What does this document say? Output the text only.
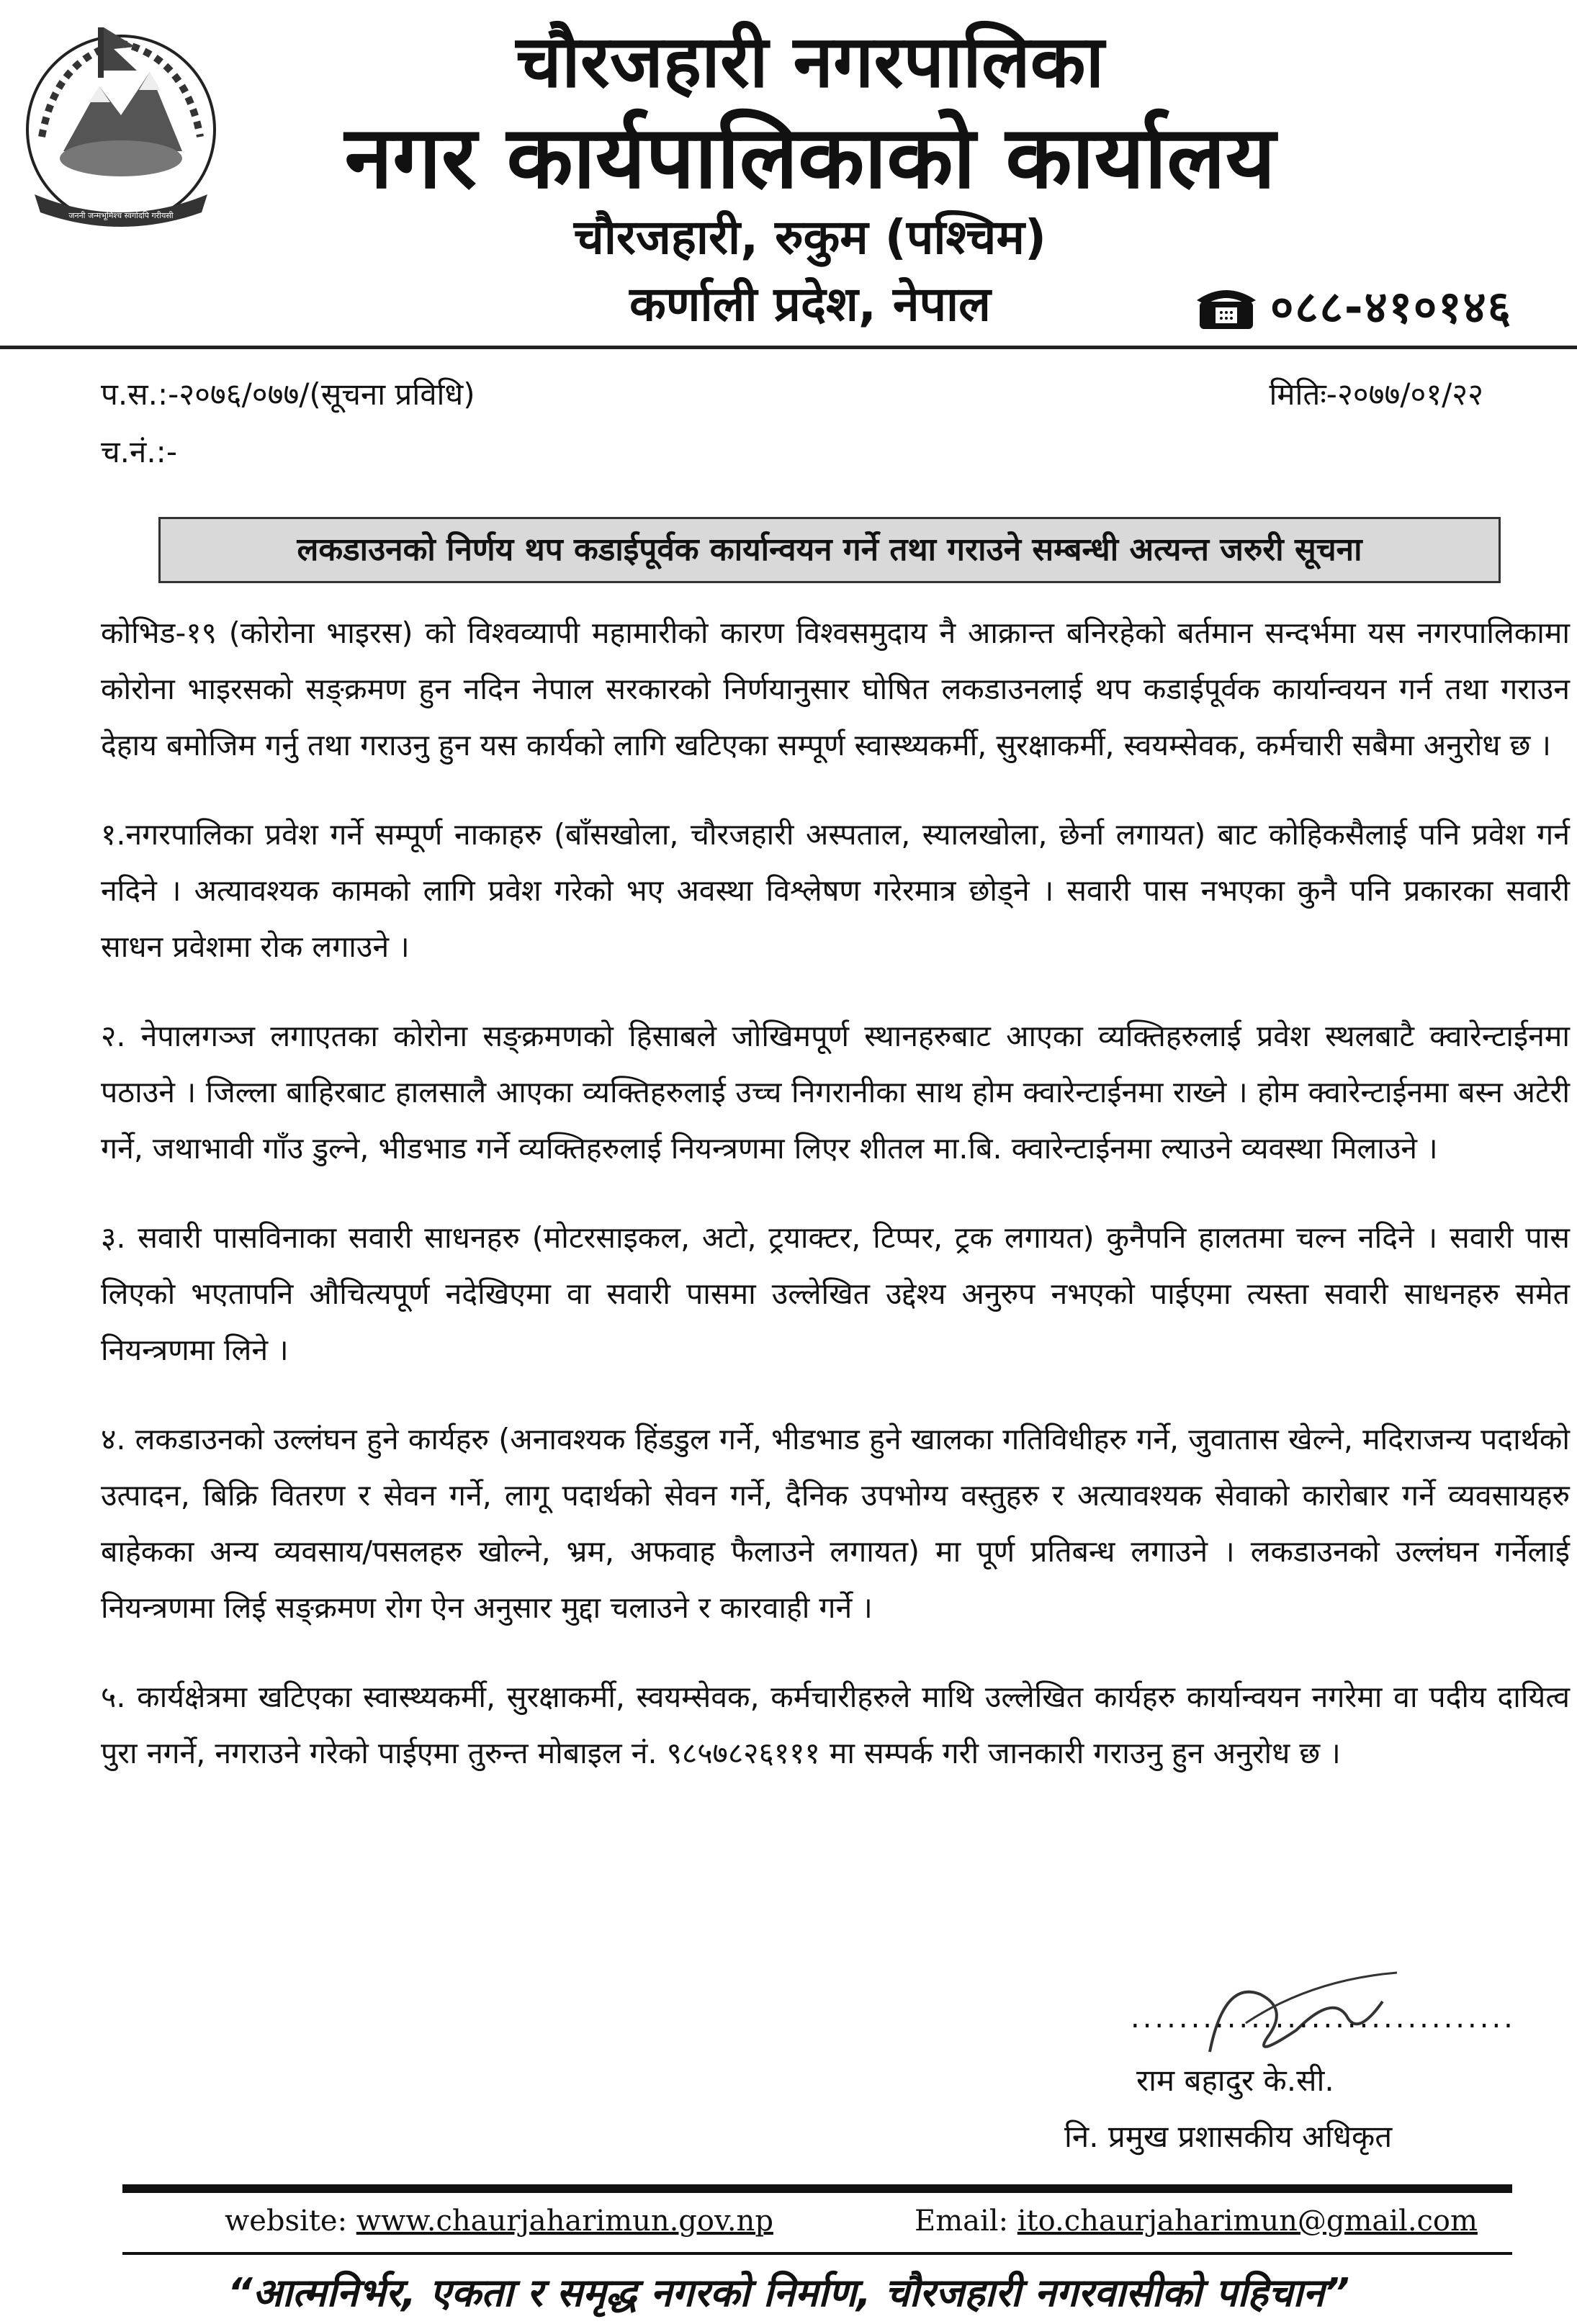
जननी जन्मभूमिश्च स्वर्गादपि गरीयसी
चौरजहारी नगरपालिका
नगर कार्यपालिकाको कार्यालय
चौरजहारी, रुकुम (पश्चिम)
कर्णाली प्रदेश, नेपाल	०८८-४१०१४६
प.स.:-२०७६/०७७/(सूचना प्रविधि)	मितिः-२०७७/०१/२२
च.नं.:-
लकडाउनको निर्णय थप कडाईपूर्वक कार्यान्वयन गर्ने तथा गराउने सम्बन्धी अत्यन्त जरुरी सूचना

कोभिड-१९ (कोरोना भाइरस) को विश्वव्यापी महामारीको कारण विश्वसमुदाय नै आक्रान्त बनिरहेको बर्तमान सन्दर्भमा यस नगरपालिकामा कोरोना भाइरसको सङ्क्रमण हुन नदिन नेपाल सरकारको निर्णयानुसार घोषित लकडाउनलाई थप कडाईपूर्वक कार्यान्वयन गर्न तथा गराउन देहाय बमोजिम गर्नु तथा गराउनु हुन यस कार्यको लागि खटिएका सम्पूर्ण स्वास्थ्यकर्मी, सुरक्षाकर्मी, स्वयम्सेवक, कर्मचारी सबैमा अनुरोध छ ।

१.नगरपालिका प्रवेश गर्ने सम्पूर्ण नाकाहरु (बाँसखोला, चौरजहारी अस्पताल, स्यालखोला, छेर्ना लगायत) बाट कोहिकसैलाई पनि प्रवेश गर्न नदिने । अत्यावश्यक कामको लागि प्रवेश गरेको भए अवस्था विश्लेषण गरेरमात्र छोड्ने । सवारी पास नभएका कुनै पनि प्रकारका सवारी साधन प्रवेशमा रोक लगाउने ।

२. नेपालगञ्ज लगाएतका कोरोना सङ्क्रमणको हिसाबले जोखिमपूर्ण स्थानहरुबाट आएका व्यक्तिहरुलाई प्रवेश स्थलबाटै क्वारेन्टाईनमा पठाउने । जिल्ला बाहिरबाट हालसालै आएका व्यक्तिहरुलाई उच्च निगरानीका साथ होम क्वारेन्टाईनमा राख्ने । होम क्वारेन्टाईनमा बस्न अटेरी गर्ने, जथाभावी गाँउ डुल्ने, भीडभाड गर्ने व्यक्तिहरुलाई नियन्त्रणमा लिएर शीतल मा.बि. क्वारेन्टाईनमा ल्याउने व्यवस्था मिलाउने ।

३. सवारी पासविनाका सवारी साधनहरु (मोटरसाइकल, अटो, ट्रयाक्टर, टिप्पर, ट्रक लगायत) कुनैपनि हालतमा चल्न नदिने । सवारी पास लिएको भएतापनि औचित्यपूर्ण नदेखिएमा वा सवारी पासमा उल्लेखित उद्देश्य अनुरुप नभएको पाईएमा त्यस्ता सवारी साधनहरु समेत नियन्त्रणमा लिने ।

४. लकडाउनको उल्लंघन हुने कार्यहरु (अनावश्यक हिंडडुल गर्ने, भीडभाड हुने खालका गतिविधीहरु गर्ने, जुवातास खेल्ने, मदिराजन्य पदार्थको उत्पादन, बिक्रि वितरण र सेवन गर्ने, लागू पदार्थको सेवन गर्ने, दैनिक उपभोग्य वस्तुहरु र अत्यावश्यक सेवाको कारोबार गर्ने व्यवसायहरु बाहेकका अन्य व्यवसाय/पसलहरु खोल्ने, भ्रम, अफवाह फैलाउने लगायत) मा पूर्ण प्रतिबन्ध लगाउने । लकडाउनको उल्लंघन गर्नेलाई नियन्त्रणमा लिई सङ्क्रमण रोग ऐन अनुसार मुद्दा चलाउने र कारवाही गर्ने ।

५. कार्यक्षेत्रमा खटिएका स्वास्थ्यकर्मी, सुरक्षाकर्मी, स्वयम्सेवक, कर्मचारीहरुले माथि उल्लेखित कार्यहरु कार्यान्वयन नगरेमा वा पदीय दायित्व पुरा नगर्ने, नगराउने गरेको पाईएमा तुरुन्त मोबाइल नं. ९८५७८२६१११ मा सम्पर्क गरी जानकारी गराउनु हुन अनुरोध छ ।

................................
राम बहादुर के.सी.
नि. प्रमुख प्रशासकीय अधिकृत
website: www.chaurjaharimun.gov.np	Email: ito.chaurjaharimun@gmail.com
“आत्मनिर्भर, एकता र समृद्ध नगरको निर्माण, चौरजहारी नगरवासीको पहिचान”
